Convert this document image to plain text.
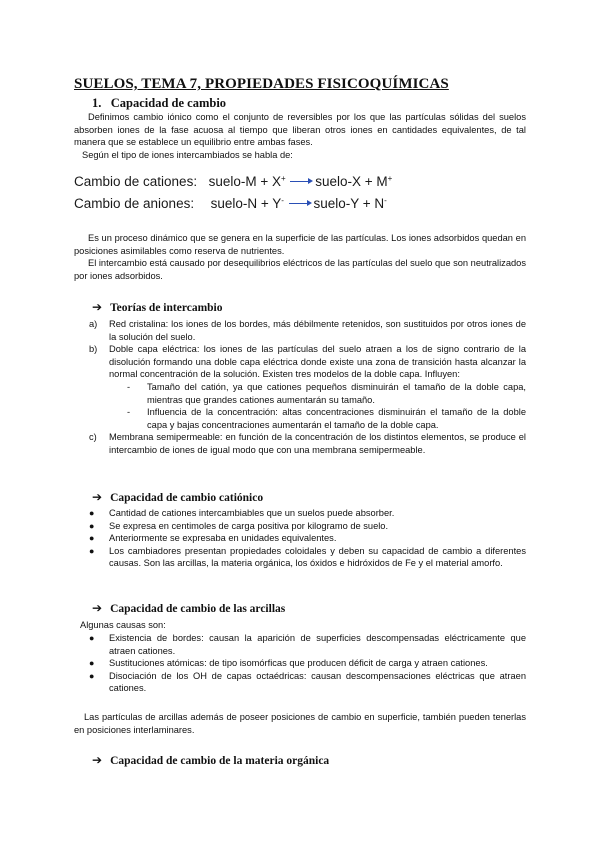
SUELOS, TEMA 7, PROPIEDADES FISICOQUÍMICAS
1.   Capacidad de cambio

Definimos cambio iónico como el conjunto de reversibles por los que las partículas sólidas del suelos absorben iones de la fase acuosa al tiempo que liberan otros iones en cantidades equivalentes, de tal manera que se establece un equilibrio entre ambas fases.

Según el tipo de iones intercambiados se habla de:

Cambio de cationes: suelo-M + X+ → suelo-X + M+
Cambio de aniones: suelo-N + Y- → suelo-Y + N-

Es un proceso dinámico que se genera en la superficie de las partículas. Los iones adsorbidos quedan en posiciones asimilables como reserva de nutrientes.

El intercambio está causado por desequilibrios eléctricos de las partículas del suelo que son neutralizados por iones adsorbidos.

➔ Teorías de intercambio
a) Red cristalina: los iones de los bordes, más débilmente retenidos, son sustituidos por otros iones de la solución del suelo.
b) Doble capa eléctrica: los iones de las partículas del suelo atraen a los de signo contrario de la disolución formando una doble capa eléctrica donde existe una zona de transición hasta alcanzar la normal concentración de la solución. Existen tres modelos de la doble capa. Influyen:
- Tamaño del catión, ya que cationes pequeños disminuirán el tamaño de la doble capa, mientras que grandes cationes aumentarán su tamaño.
- Influencia de la concentración: altas concentraciones disminuirán el tamaño de la doble capa y bajas concentraciones aumentarán el tamaño de la doble capa.
c) Membrana semipermeable: en función de la concentración de los distintos elementos, se produce el intercambio de iones de igual modo que con una membrana semipermeable.
➔ Capacidad de cambio catiónico
● Cantidad de cationes intercambiables que un suelos puede absorber.
● Se expresa en centimoles de carga positiva por kilogramo de suelo.
● Anteriormente se expresaba en unidades equivalentes.
● Los cambiadores presentan propiedades coloidales y deben su capacidad de cambio a diferentes causas. Son las arcillas, la materia orgánica, los óxidos e hidróxidos de Fe y el material amorfo.
➔ Capacidad de cambio de las arcillas
Algunas causas son:
● Existencia de bordes: causan la aparición de superficies descompensadas eléctricamente que atraen cationes.
● Sustituciones atómicas: de tipo isomórficas que producen déficit de carga y atraen cationes.
● Disociación de los OH de capas octaédricas: causan descompensaciones eléctricas que atraen cationes.

Las partículas de arcillas además de poseer posiciones de cambio en superficie, también pueden tenerlas en posiciones interlaminares.

➔ Capacidad de cambio de la materia orgánica
